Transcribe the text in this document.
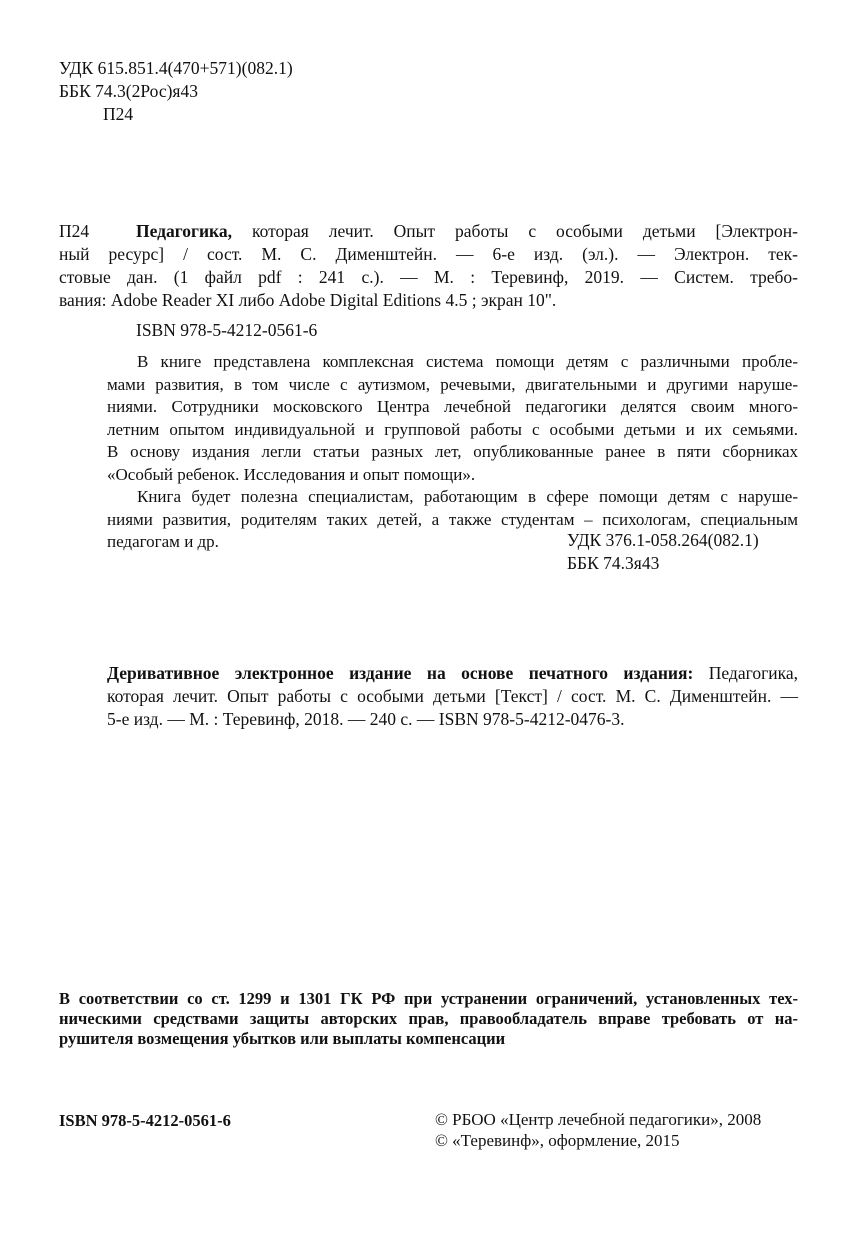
УДК 615.851.4(470+571)(082.1)
ББК 74.3(2Рос)я43
П24
П24	Педагогика, которая лечит. Опыт работы с особыми детьми [Электрон-
ный ресурс] / сост. М. С. Дименштейн. — 6-е изд. (эл.). — Электрон. тек-
стовые дан. (1 файл pdf : 241 с.). — М. : Теревинф, 2019. — Систем. требо-
вания: Adobe Reader XI либо Adobe Digital Editions 4.5 ; экран 10".
ISBN 978-5-4212-0561-6
В книге представлена комплексная система помощи детям с различными пробле-
мами развития, в том числе с аутизмом, речевыми, двигательными и другими наруше-
ниями. Сотрудники московского Центра лечебной педагогики делятся своим много-
летним опытом индивидуальной и групповой работы с особыми детьми и их семьями.
В основу издания легли статьи разных лет, опубликованные ранее в пяти сборниках
«Особый ребенок. Исследования и опыт помощи».
Книга будет полезна специалистам, работающим в сфере помощи детям с наруше-
ниями развития, родителям таких детей, а также студентам – психологам, специальным
педагогам и др.	УДК 376.1-058.264(082.1)
ББК 74.3я43
Деривативное электронное издание на основе печатного издания: Педагогика,
которая лечит. Опыт работы с особыми детьми [Текст] / сост. М. С. Дименштейн. —
5-е изд. — М. : Теревинф, 2018. — 240 с. — ISBN 978-5-4212-0476-3.
В соответствии со ст. 1299 и 1301 ГК РФ при устранении ограничений, установленных тех-
ническими средствами защиты авторских прав, правообладатель вправе требовать от на-
рушителя возмещения убытков или выплаты компенсации
ISBN 978-5-4212-0561-6	© РБОО «Центр лечебной педагогики», 2008
© «Теревинф», оформление, 2015
